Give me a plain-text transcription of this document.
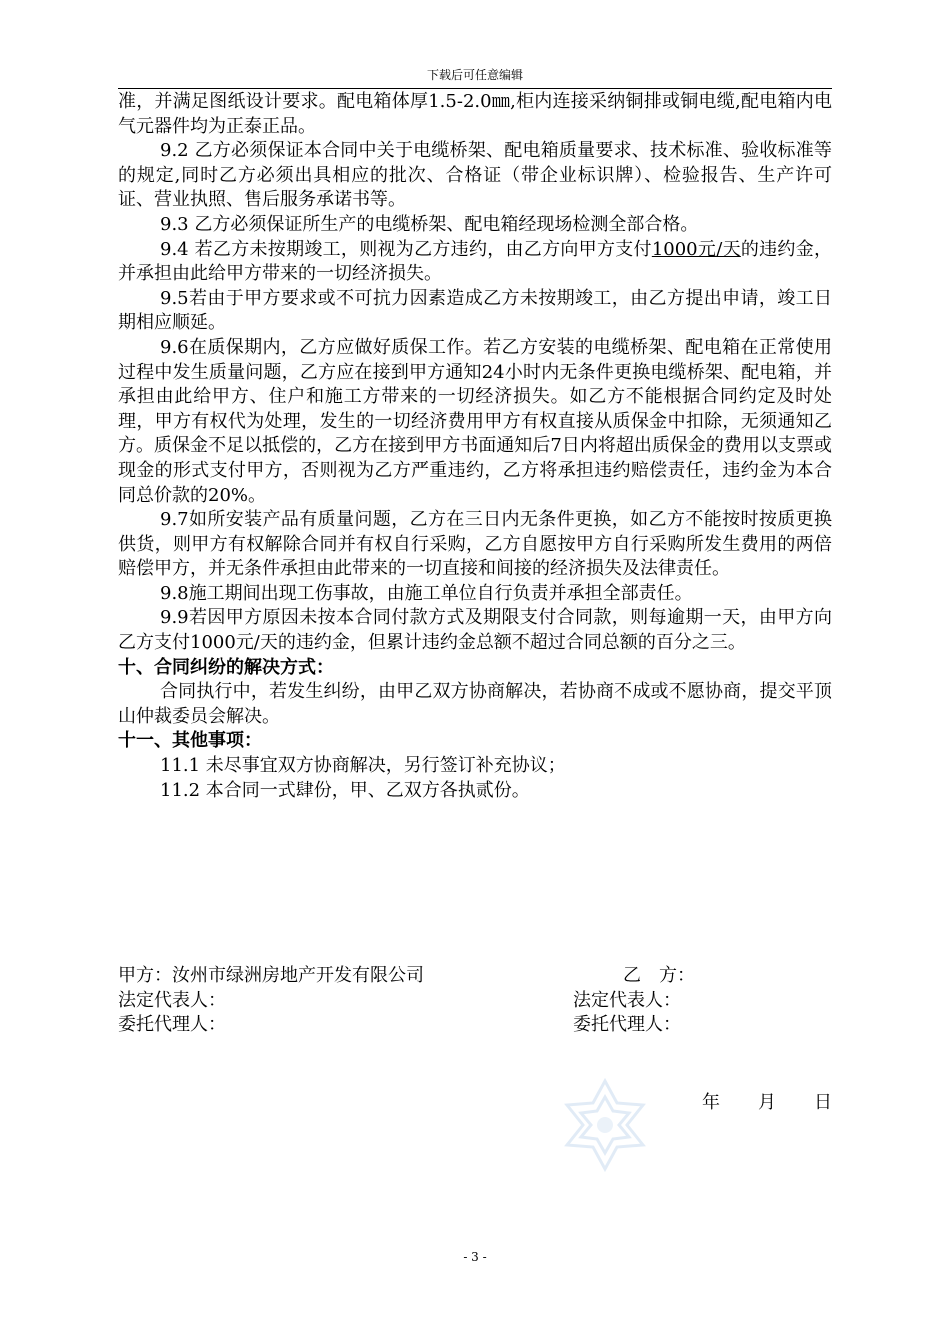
下载后可任意编辑

准，并满足图纸设计要求。配电箱体厚1.5-2.0㎜,柜内连接采纳铜排或铜电缆,配电箱内电气元器件均为正泰正品。

9.2 乙方必须保证本合同中关于电缆桥架、配电箱质量要求、技术标准、验收标准等的规定,同时乙方必须出具相应的批次、合格证（带企业标识牌）、检验报告、生产许可证、营业执照、售后服务承诺书等。

9.3 乙方必须保证所生产的电缆桥架、配电箱经现场检测全部合格。

9.4 若乙方未按期竣工，则视为乙方违约，由乙方向甲方支付1000元/天的违约金，并承担由此给甲方带来的一切经济损失。

9.5若由于甲方要求或不可抗力因素造成乙方未按期竣工，由乙方提出申请，竣工日期相应顺延。

9.6在质保期内，乙方应做好质保工作。若乙方安装的电缆桥架、配电箱在正常使用过程中发生质量问题，乙方应在接到甲方通知24小时内无条件更换电缆桥架、配电箱，并承担由此给甲方、住户和施工方带来的一切经济损失。如乙方不能根据合同约定及时处理，甲方有权代为处理，发生的一切经济费用甲方有权直接从质保金中扣除，无须通知乙方。质保金不足以抵偿的，乙方在接到甲方书面通知后7日内将超出质保金的费用以支票或现金的形式支付甲方，否则视为乙方严重违约，乙方将承担违约赔偿责任，违约金为本合同总价款的20%。

9.7如所安装产品有质量问题，乙方在三日内无条件更换，如乙方不能按时按质更换供货，则甲方有权解除合同并有权自行采购，乙方自愿按甲方自行采购所发生费用的两倍赔偿甲方，并无条件承担由此带来的一切直接和间接的经济损失及法律责任。

9.8施工期间出现工伤事故，由施工单位自行负责并承担全部责任。

9.9若因甲方原因未按本合同付款方式及期限支付合同款，则每逾期一天，由甲方向乙方支付1000元/天的违约金，但累计违约金总额不超过合同总额的百分之三。

十、合同纠纷的解决方式：

合同执行中，若发生纠纷，由甲乙双方协商解决，若协商不成或不愿协商，提交平顶山仲裁委员会解决。

十一、其他事项：

11.1 未尽事宜双方协商解决，另行签订补充协议；

11.2 本合同一式肆份，甲、乙双方各执贰份。

甲方：汝州市绿洲房地产开发有限公司	乙　方：
法定代表人：	法定代表人：
委托代理人：	委托代理人：
年 月 日
- 3 -
